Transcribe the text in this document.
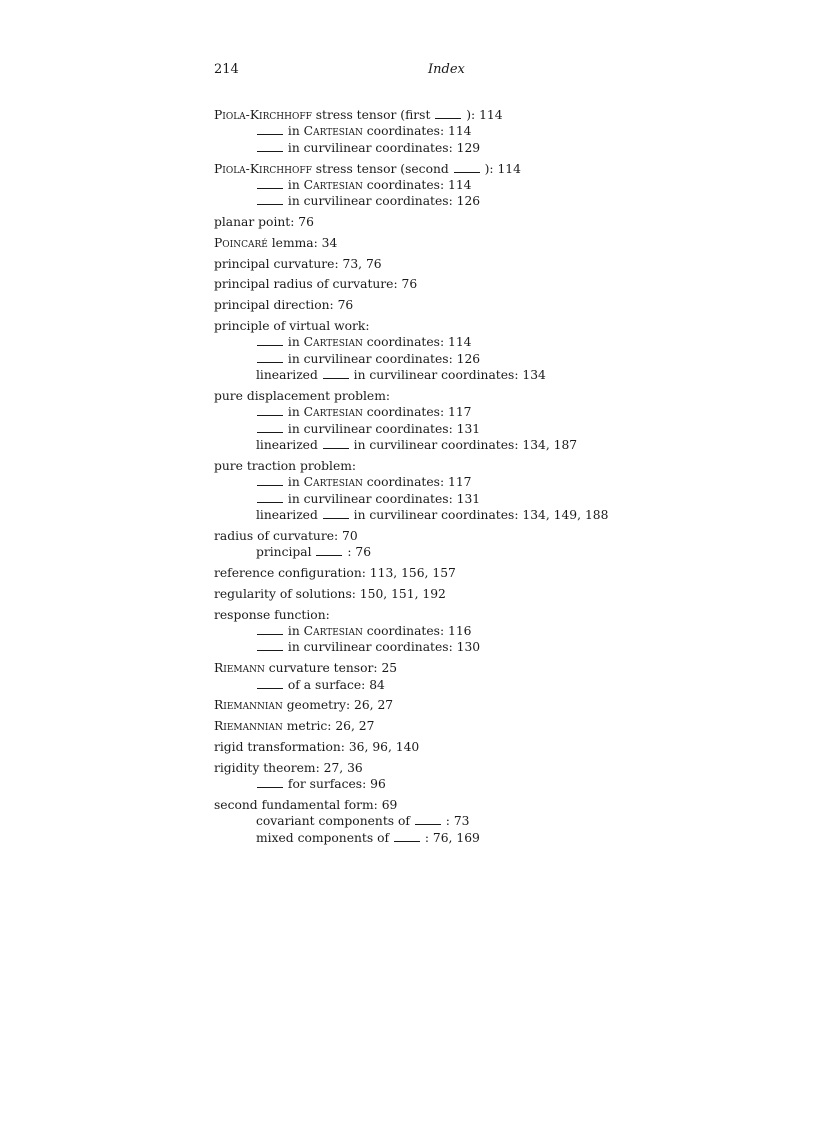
214	Index
Piola-Kirchhoff stress tensor (first  ): 114
in Cartesian coordinates: 114
in curvilinear coordinates: 129
Piola-Kirchhoff stress tensor (second  ): 114
in Cartesian coordinates: 114
in curvilinear coordinates: 126
planar point: 76
Poincaré lemma: 34
principal curvature: 73, 76
principal radius of curvature: 76
principal direction: 76
principle of virtual work:
in Cartesian coordinates: 114
in curvilinear coordinates: 126
linearized  in curvilinear coordinates: 134
pure displacement problem:
in Cartesian coordinates: 117
in curvilinear coordinates: 131
linearized  in curvilinear coordinates: 134, 187
pure traction problem:
in Cartesian coordinates: 117
in curvilinear coordinates: 131
linearized  in curvilinear coordinates: 134, 149, 188
radius of curvature: 70
principal  : 76
reference configuration: 113, 156, 157
regularity of solutions: 150, 151, 192
response function:
in Cartesian coordinates: 116
in curvilinear coordinates: 130
Riemann curvature tensor: 25
of a surface: 84
Riemannian geometry: 26, 27
Riemannian metric: 26, 27
rigid transformation: 36, 96, 140
rigidity theorem: 27, 36
for surfaces: 96
second fundamental form: 69
covariant components of  : 73
mixed components of  : 76, 169
